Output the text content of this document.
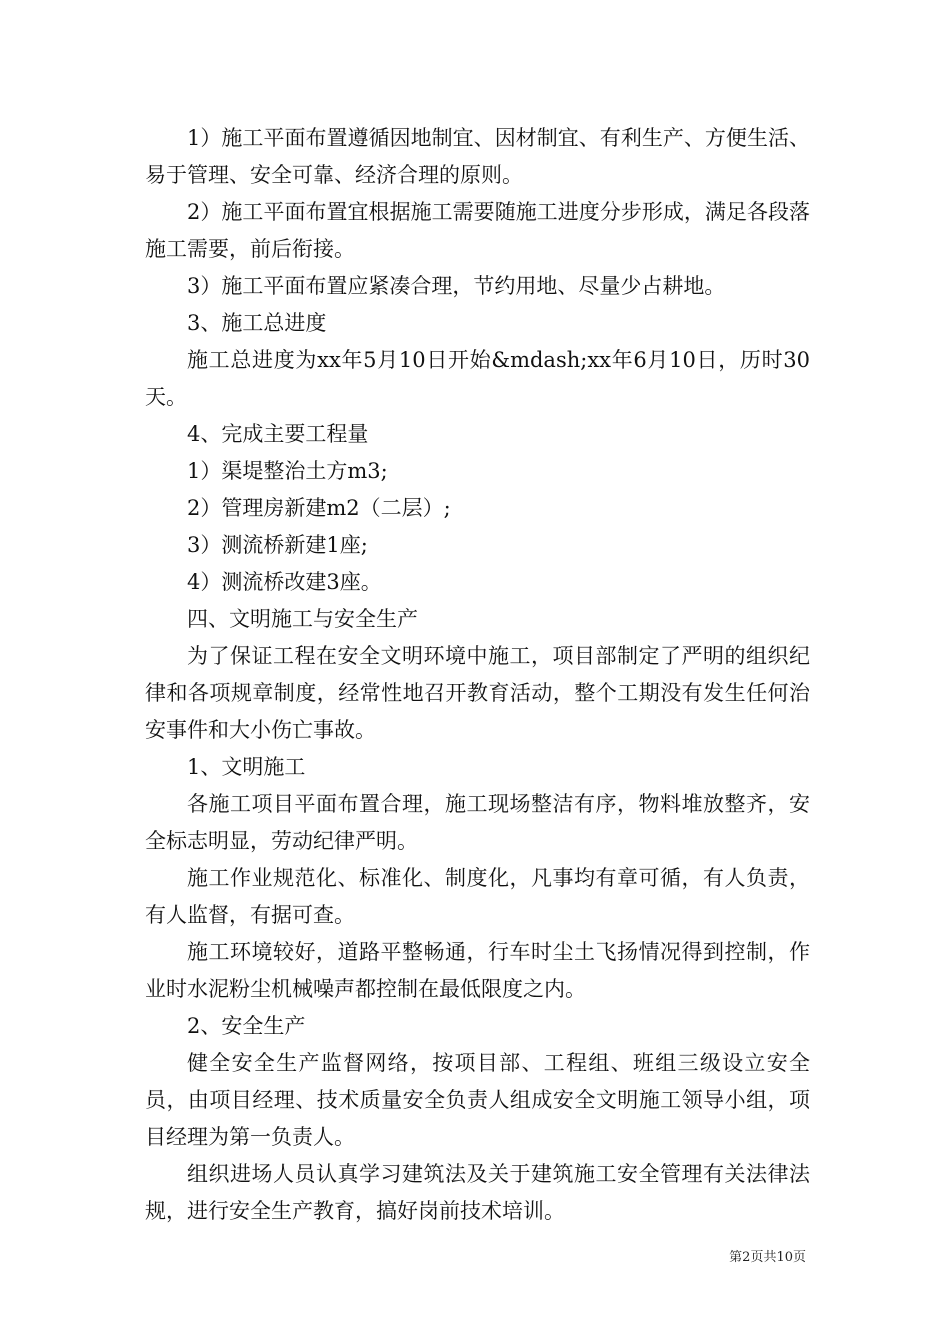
1）施工平面布置遵循因地制宜、因材制宜、有利生产、方便生活、易于管理、安全可靠、经济合理的原则。

2）施工平面布置宜根据施工需要随施工进度分步形成，满足各段落施工需要，前后衔接。

3）施工平面布置应紧凑合理，节约用地、尽量少占耕地。

3、施工总进度

施工总进度为xx年5月10日开始&mdash;xx年6月10日，历时30天。

4、完成主要工程量

1）渠堤整治土方m3;

2）管理房新建m2（二层）;

3）测流桥新建1座;

4）测流桥改建3座。

四、文明施工与安全生产

为了保证工程在安全文明环境中施工，项目部制定了严明的组织纪律和各项规章制度，经常性地召开教育活动，整个工期没有发生任何治安事件和大小伤亡事故。

1、文明施工

各施工项目平面布置合理，施工现场整洁有序，物料堆放整齐，安全标志明显，劳动纪律严明。

施工作业规范化、标准化、制度化，凡事均有章可循，有人负责，有人监督，有据可查。

施工环境较好，道路平整畅通，行车时尘土飞扬情况得到控制，作业时水泥粉尘机械噪声都控制在最低限度之内。

2、安全生产

健全安全生产监督网络，按项目部、工程组、班组三级设立安全员，由项目经理、技术质量安全负责人组成安全文明施工领导小组，项目经理为第一负责人。

组织进场人员认真学习建筑法及关于建筑施工安全管理有关法律法规，进行安全生产教育，搞好岗前技术培训。

第2页共10页
